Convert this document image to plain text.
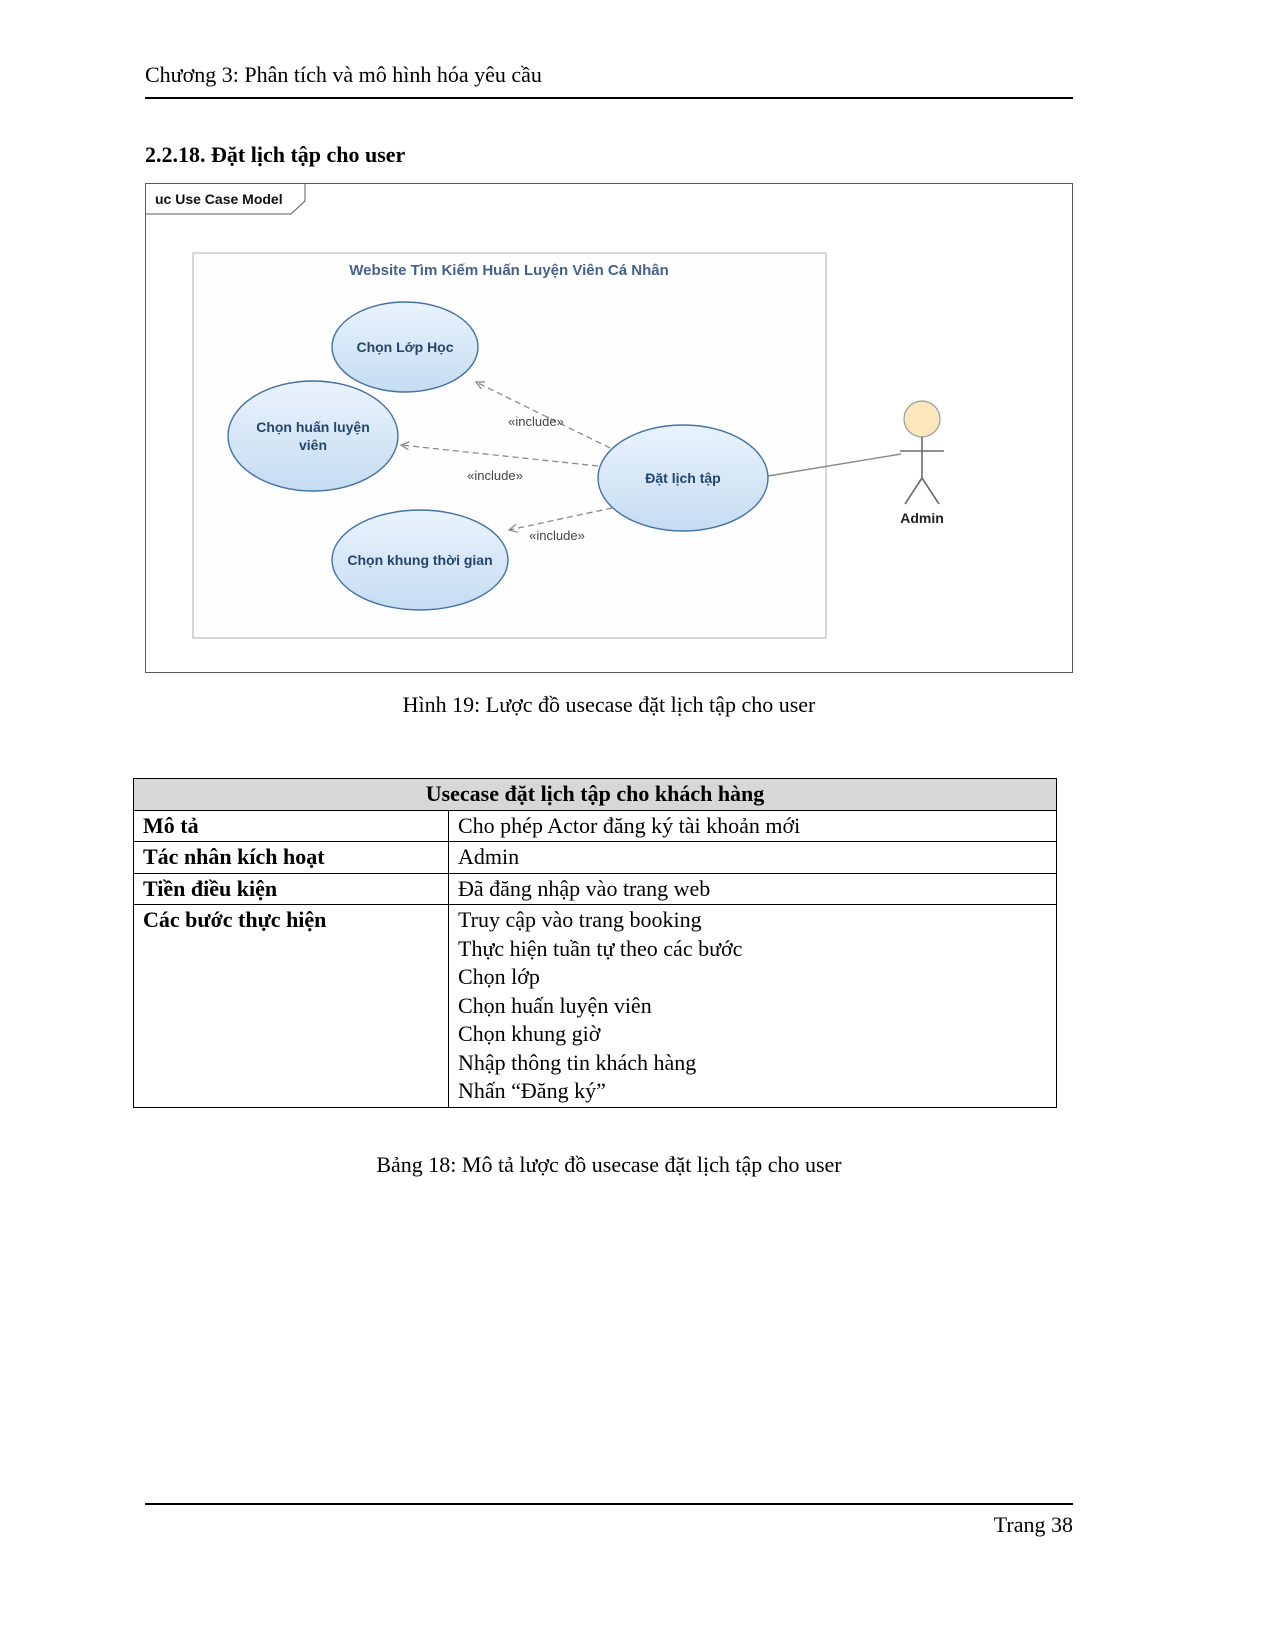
Chương 3: Phân tích và mô hình hóa yêu cầu
2.2.18. Đặt lịch tập cho user
uc Use Case Model
Website Tìm Kiếm Huấn Luyện Viên Cá Nhân
«include»
«include»
«include»
Chọn Lớp Học
Chọn huấn luyện
viên
Chọn khung thời gian
Đặt lịch tập
Admin
Hình 19: Lược đồ usecase đặt lịch tập cho user
Usecase đặt lịch tập cho khách hàng	
Mô tả	Cho phép Actor đăng ký tài khoản mới

Tác nhân kích hoạt	Admin

Tiền điều kiện	Đã đăng nhập vào trang web

Các bước thực hiện	Truy cập vào trang booking
Thực hiện tuần tự theo các bước
Chọn lớp
Chọn huấn luyện viên
Chọn khung giờ
Nhập thông tin khách hàng
Nhấn “Đăng ký”
Bảng 18: Mô tả lược đồ usecase đặt lịch tập cho user
Trang 38
